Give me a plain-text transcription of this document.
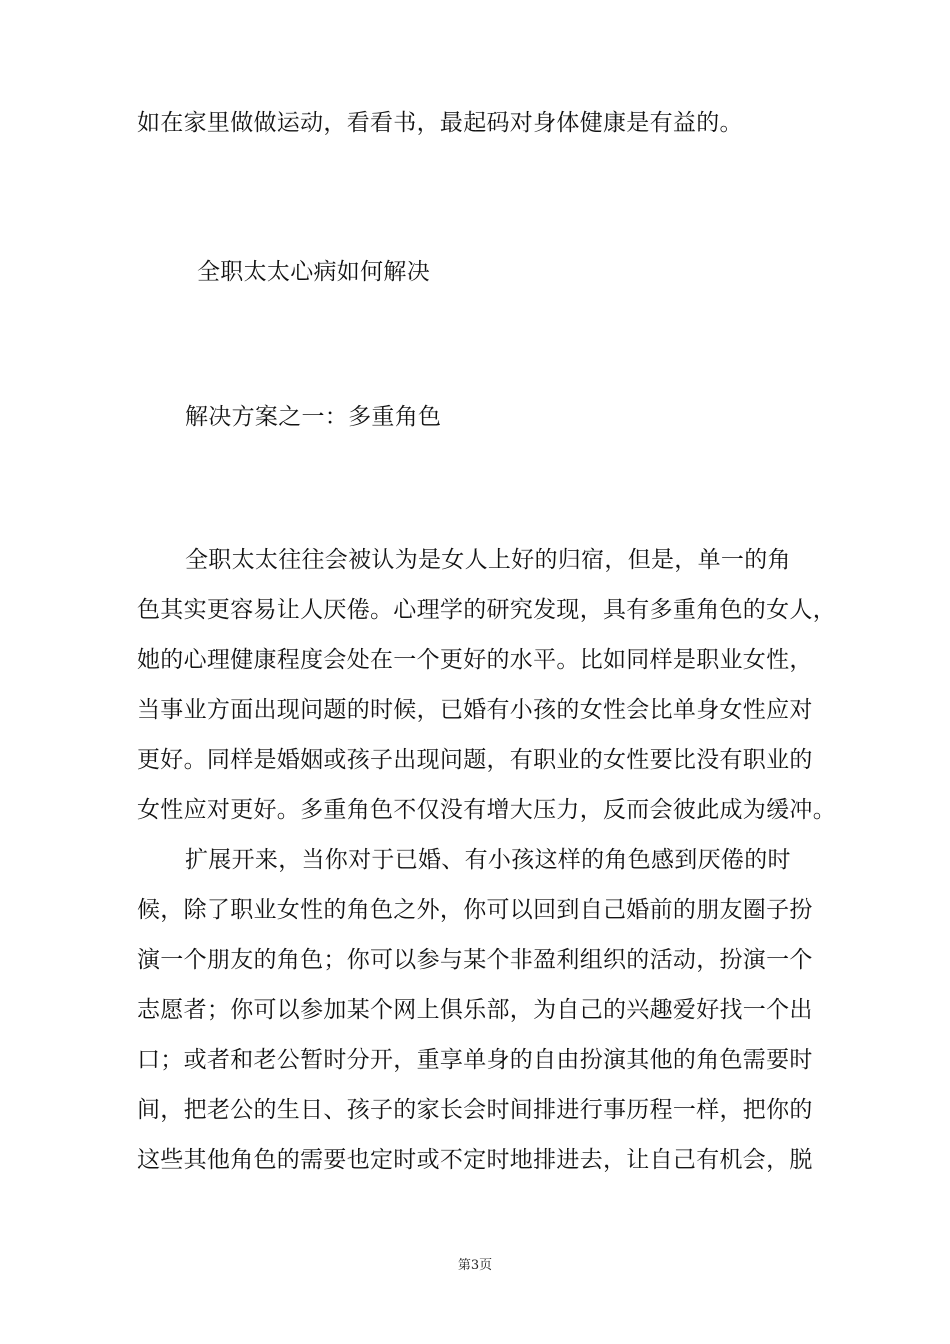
如在家里做做运动，看看书，最起码对身体健康是有益的。
全职太太心病如何解决
解决方案之一：多重角色
全职太太往往会被认为是女人上好的归宿，但是，单一的角
色其实更容易让人厌倦。心理学的研究发现，具有多重角色的女人，
她的心理健康程度会处在一个更好的水平。比如同样是职业女性，
当事业方面出现问题的时候，已婚有小孩的女性会比单身女性应对
更好。同样是婚姻或孩子出现问题，有职业的女性要比没有职业的
女性应对更好。多重角色不仅没有增大压力，反而会彼此成为缓冲。
扩展开来，当你对于已婚、有小孩这样的角色感到厌倦的时
候，除了职业女性的角色之外，你可以回到自己婚前的朋友圈子扮
演一个朋友的角色；你可以参与某个非盈利组织的活动，扮演一个
志愿者；你可以参加某个网上俱乐部，为自己的兴趣爱好找一个出
口；或者和老公暂时分开，重享单身的自由扮演其他的角色需要时
间，把老公的生日、孩子的家长会时间排进行事历程一样，把你的
这些其他角色的需要也定时或不定时地排进去，让自己有机会，脱
第3页
